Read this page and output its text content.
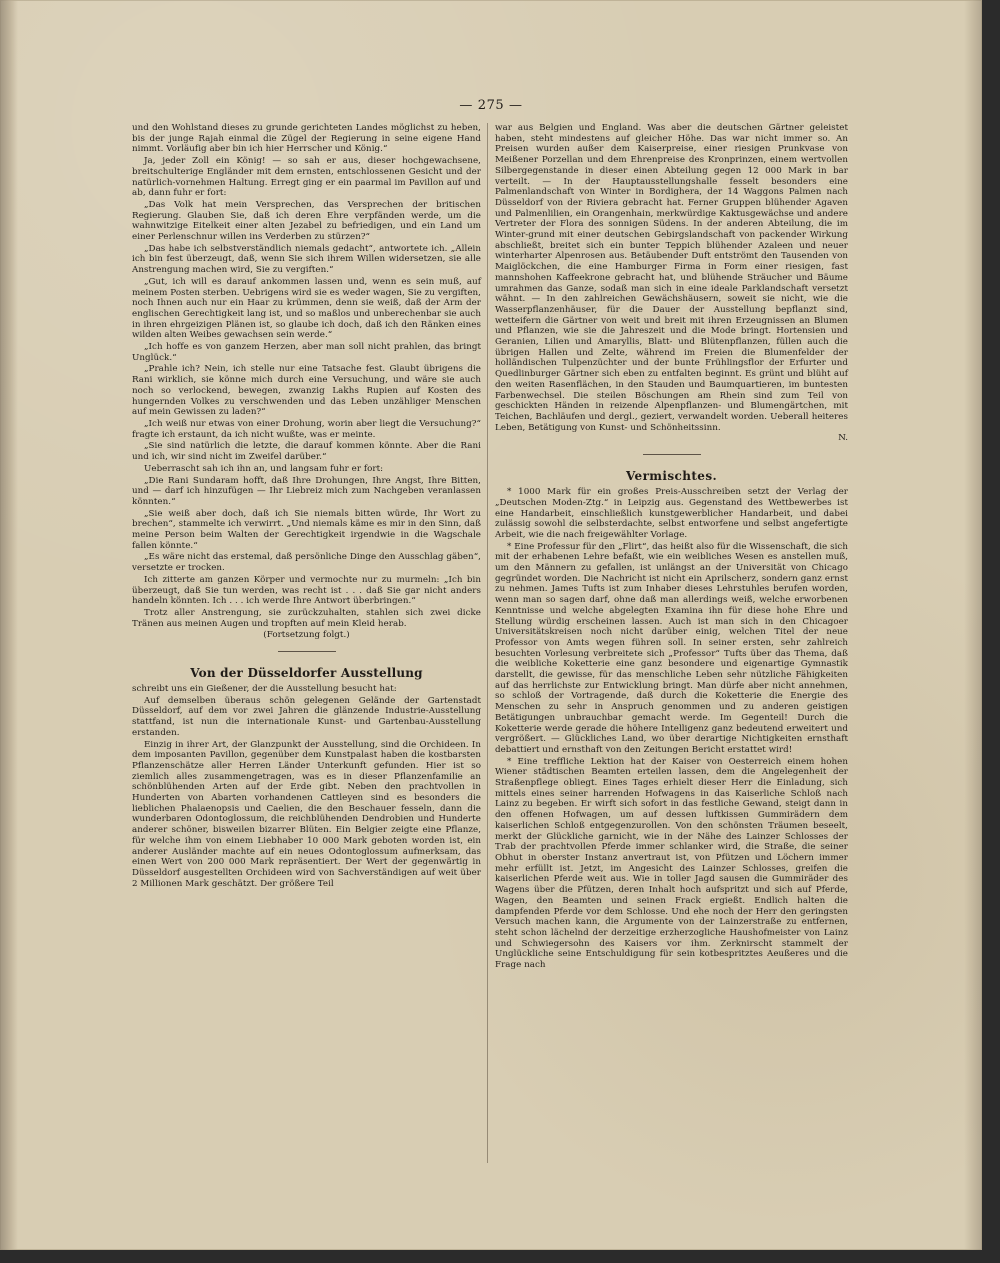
— 275 —

und den Wohlstand dieses zu grunde gerichteten Landes möglichst zu heben, bis der junge Rajah einmal die Zügel der Regierung in seine eigene Hand nimmt. Vorläufig aber bin ich hier Herrscher und König.“

Ja, jeder Zoll ein König! — so sah er aus, dieser hochgewachsene, breitschulterige Engländer mit dem ernsten, entschlossenen Gesicht und der natürlich-vornehmen Haltung. Erregt ging er ein paarmal im Pavillon auf und ab, dann fuhr er fort:

„Das Volk hat mein Versprechen, das Versprechen der britischen Regierung. Glauben Sie, daß ich deren Ehre verpfänden werde, um die wahnwitzige Eitelkeit einer alten Jezabel zu befriedigen, und ein Land um einer Perlenschnur willen ins Verderben zu stürzen?“

„Das habe ich selbstverständlich niemals gedacht“, antwortete ich. „Allein ich bin fest überzeugt, daß, wenn Sie sich ihrem Willen widersetzen, sie alle Anstrengung machen wird, Sie zu vergiften.“

„Gut, ich will es darauf ankommen lassen und, wenn es sein muß, auf meinem Posten sterben. Uebrigens wird sie es weder wagen, Sie zu vergiften, noch Ihnen auch nur ein Haar zu krümmen, denn sie weiß, daß der Arm der englischen Gerechtigkeit lang ist, und so maßlos und unberechenbar sie auch in ihren ehrgeizigen Plänen ist, so glaube ich doch, daß ich den Ränken eines wilden alten Weibes gewachsen sein werde.“

„Ich hoffe es von ganzem Herzen, aber man soll nicht prahlen, das bringt Unglück.“

„Prahle ich? Nein, ich stelle nur eine Tatsache fest. Glaubt übrigens die Rani wirklich, sie könne mich durch eine Versuchung, und wäre sie auch noch so verlockend, bewegen, zwanzig Lakhs Rupien auf Kosten des hungernden Volkes zu verschwenden und das Leben unzähliger Menschen auf mein Gewissen zu laden?“

„Ich weiß nur etwas von einer Drohung, worin aber liegt die Versuchung?“ fragte ich erstaunt, da ich nicht wußte, was er meinte.

„Sie sind natürlich die letzte, die darauf kommen könnte. Aber die Rani und ich, wir sind nicht im Zweifel darüber.“

Ueberrascht sah ich ihn an, und langsam fuhr er fort:

„Die Rani Sundaram hofft, daß Ihre Drohungen, Ihre Angst, Ihre Bitten, und — darf ich hinzufügen — Ihr Liebreiz mich zum Nachgeben veranlassen könnten.“

„Sie weiß aber doch, daß ich Sie niemals bitten würde, Ihr Wort zu brechen“, stammelte ich verwirrt. „Und niemals käme es mir in den Sinn, daß meine Person beim Walten der Gerechtigkeit irgendwie in die Wagschale fallen könnte.“

„Es wäre nicht das erstemal, daß persönliche Dinge den Ausschlag gäben“, versetzte er trocken.

Ich zitterte am ganzen Körper und vermochte nur zu murmeln: „Ich bin überzeugt, daß Sie tun werden, was recht ist . . . daß Sie gar nicht anders handeln könnten. Ich . . . ich werde Ihre Antwort überbringen.“

Trotz aller Anstrengung, sie zurückzuhalten, stahlen sich zwei dicke Tränen aus meinen Augen und tropften auf mein Kleid herab.

(Fortsetzung folgt.)

Von der Düsseldorfer Ausstellung

schreibt uns ein Gießener, der die Ausstellung besucht hat:

Auf demselben überaus schön gelegenen Gelände der Gartenstadt Düsseldorf, auf dem vor zwei Jahren die glänzende Industrie-Ausstellung stattfand, ist nun die internationale Kunst- und Gartenbau-Ausstellung erstanden.

Einzig in ihrer Art, der Glanzpunkt der Ausstellung, sind die Orchideen. In dem imposanten Pavillon, gegenüber dem Kunstpalast haben die kostbarsten Pflanzenschätze aller Herren Länder Unterkunft gefunden. Hier ist so ziemlich alles zusammengetragen, was es in dieser Pflanzenfamilie an schönblühenden Arten auf der Erde gibt. Neben den prachtvollen in Hunderten von Abarten vorhandenen Cattleyen sind es besonders die lieblichen Phalaenopsis und Caelien, die den Beschauer fesseln, dann die wunderbaren Odontoglossum, die reichblühenden Dendrobien und Hunderte anderer schöner, bisweilen bizarrer Blüten. Ein Belgier zeigte eine Pflanze, für welche ihm von einem Liebhaber 10 000 Mark geboten worden ist, ein anderer Ausländer machte auf ein neues Odontoglossum aufmerksam, das einen Wert von 200 000 Mark repräsentiert. Der Wert der gegenwärtig in Düsseldorf ausgestellten Orchideen wird von Sachverständigen auf weit über 2 Millionen Mark geschätzt. Der größere Teil

war aus Belgien und England. Was aber die deutschen Gärtner geleistet haben, steht mindestens auf gleicher Höhe. Das war nicht immer so. An Preisen wurden außer dem Kaiserpreise, einer riesigen Prunkvase von Meißener Porzellan und dem Ehrenpreise des Kronprinzen, einem wertvollen Silbergegenstande in dieser einen Abteilung gegen 12 000 Mark in bar verteilt. — In der Hauptausstellungshalle fesselt besonders eine Palmenlandschaft von Winter in Bordighera, der 14 Waggons Palmen nach Düsseldorf von der Riviera gebracht hat. Ferner Gruppen blühender Agaven und Palmenlilien, ein Orangenhain, merkwürdige Kaktusgewächse und andere Vertreter der Flora des sonnigen Südens. In der anderen Abteilung, die im Winter-grund mit einer deutschen Gebirgslandschaft von packender Wirkung abschließt, breitet sich ein bunter Teppich blühender Azaleen und neuer winterharter Alpenrosen aus. Betäubender Duft entströmt den Tausenden von Maiglöckchen, die eine Hamburger Firma in Form einer riesigen, fast mannshohen Kaffeekrone gebracht hat, und blühende Sträucher und Bäume umrahmen das Ganze, sodaß man sich in eine ideale Parklandschaft versetzt wähnt. — In den zahlreichen Gewächshäusern, soweit sie nicht, wie die Wasserpflanzenhäuser, für die Dauer der Ausstellung bepflanzt sind, wetteifern die Gärtner von weit und breit mit ihren Erzeugnissen an Blumen und Pflanzen, wie sie die Jahreszeit und die Mode bringt. Hortensien und Geranien, Lilien und Amaryllis, Blatt- und Blütenpflanzen, füllen auch die übrigen Hallen und Zelte, während im Freien die Blumenfelder der holländischen Tulpenzüchter und der bunte Frühlingsflor der Erfurter und Quedlinburger Gärtner sich eben zu entfalten beginnt. Es grünt und blüht auf den weiten Rasenflächen, in den Stauden und Baumquartieren, im buntesten Farbenwechsel. Die steilen Böschungen am Rhein sind zum Teil von geschickten Händen in reizende Alpenpflanzen- und Blumengärtchen, mit Teichen, Bachläufen und dergl., geziert, verwandelt worden. Ueberall heiteres Leben, Betätigung von Kunst- und Schönheitssinn.

N.
Vermischtes.

* 1000 Mark für ein großes Preis-Ausschreiben setzt der Verlag der „Deutschen Moden-Ztg.“ in Leipzig aus. Gegenstand des Wettbewerbes ist eine Handarbeit, einschließlich kunstgewerblicher Handarbeit, und dabei zulässig sowohl die selbsterdachte, selbst entworfene und selbst angefertigte Arbeit, wie die nach freigewählter Vorlage.

* Eine Professur für den „Flirt“, das heißt also für die Wissenschaft, die sich mit der erhabenen Lehre befaßt, wie ein weibliches Wesen es anstellen muß, um den Männern zu gefallen, ist unlängst an der Universität von Chicago gegründet worden. Die Nachricht ist nicht ein Aprilscherz, sondern ganz ernst zu nehmen. James Tufts ist zum Inhaber dieses Lehrstuhles berufen worden, wenn man so sagen darf, ohne daß man allerdings weiß, welche erworbenen Kenntnisse und welche abgelegten Examina ihn für diese hohe Ehre und Stellung würdig erscheinen lassen. Auch ist man sich in den Chicagoer Universitätskreisen noch nicht darüber einig, welchen Titel der neue Professor von Amts wegen führen soll. In seiner ersten, sehr zahlreich besuchten Vorlesung verbreitete sich „Professor“ Tufts über das Thema, daß die weibliche Koketterie eine ganz besondere und eigenartige Gymnastik darstellt, die gewisse, für das menschliche Leben sehr nützliche Fähigkeiten auf das herrlichste zur Entwicklung bringt. Man dürfe aber nicht annehmen, so schloß der Vortragende, daß durch die Koketterie die Energie des Menschen zu sehr in Anspruch genommen und zu anderen geistigen Betätigungen unbrauchbar gemacht werde. Im Gegenteil! Durch die Koketterie werde gerade die höhere Intelligenz ganz bedeutend erweitert und vergrößert. — Glückliches Land, wo über derartige Nichtigkeiten ernsthaft debattiert und ernsthaft von den Zeitungen Bericht erstattet wird!

* Eine treffliche Lektion hat der Kaiser von Oesterreich einem hohen Wiener städtischen Beamten erteilen lassen, dem die Angelegenheit der Straßenpflege obliegt. Eines Tages erhielt dieser Herr die Einladung, sich mittels eines seiner harrenden Hofwagens in das Kaiserliche Schloß nach Lainz zu begeben. Er wirft sich sofort in das festliche Gewand, steigt dann in den offenen Hofwagen, um auf dessen luftkissen Gummirädern dem kaiserlichen Schloß entgegenzurollen. Von den schönsten Träumen beseelt, merkt der Glückliche garnicht, wie in der Nähe des Lainzer Schlosses der Trab der prachtvollen Pferde immer schlanker wird, die Straße, die seiner Obhut in oberster Instanz anvertraut ist, von Pfützen und Löchern immer mehr erfüllt ist. Jetzt, im Angesicht des Lainzer Schlosses, greifen die kaiserlichen Pferde weit aus. Wie in toller Jagd sausen die Gummiräder des Wagens über die Pfützen, deren Inhalt hoch aufspritzt und sich auf Pferde, Wagen, den Beamten und seinen Frack ergießt. Endlich halten die dampfenden Pferde vor dem Schlosse. Und ehe noch der Herr den geringsten Versuch machen kann, die Argumente von der Lainzerstraße zu entfernen, steht schon lächelnd der derzeitige erzherzogliche Haushofmeister von Lainz und Schwiegersohn des Kaisers vor ihm. Zerknirscht stammelt der Unglückliche seine Entschuldigung für sein kotbespritztes Aeußeres und die Frage nach
